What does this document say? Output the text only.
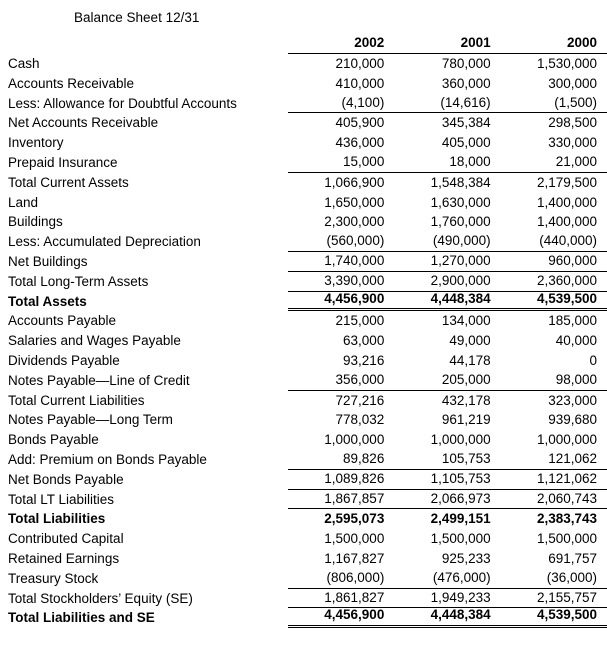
Balance Sheet 12/31
2002	2001	2000
Cash	210,000	780,000	1,530,000
Accounts Receivable	410,000	360,000	300,000
Less: Allowance for Doubtful Accounts	(4,100)	(14,616)	(1,500)
Net Accounts Receivable	405,900	345,384	298,500
Inventory	436,000	405,000	330,000
Prepaid Insurance	15,000	18,000	21,000
Total Current Assets	1,066,900	1,548,384	2,179,500
Land	1,650,000	1,630,000	1,400,000
Buildings	2,300,000	1,760,000	1,400,000
Less: Accumulated Depreciation	(560,000)	(490,000)	(440,000)
Net Buildings	1,740,000	1,270,000	960,000
Total Long-Term Assets	3,390,000	2,900,000	2,360,000
Total Assets	4,456,900	4,448,384	4,539,500
Accounts Payable	215,000	134,000	185,000
Salaries and Wages Payable	63,000	49,000	40,000
Dividends Payable	93,216	44,178	0
Notes Payable—Line of Credit	356,000	205,000	98,000
Total Current Liabilities	727,216	432,178	323,000
Notes Payable—Long Term	778,032	961,219	939,680
Bonds Payable	1,000,000	1,000,000	1,000,000
Add: Premium on Bonds Payable	89,826	105,753	121,062
Net Bonds Payable	1,089,826	1,105,753	1,121,062
Total LT Liabilities	1,867,857	2,066,973	2,060,743
Total Liabilities	2,595,073	2,499,151	2,383,743
Contributed Capital	1,500,000	1,500,000	1,500,000
Retained Earnings	1,167,827	925,233	691,757
Treasury Stock	(806,000)	(476,000)	(36,000)
Total Stockholders’ Equity (SE)	1,861,827	1,949,233	2,155,757
Total Liabilities and SE	4,456,900	4,448,384	4,539,500
